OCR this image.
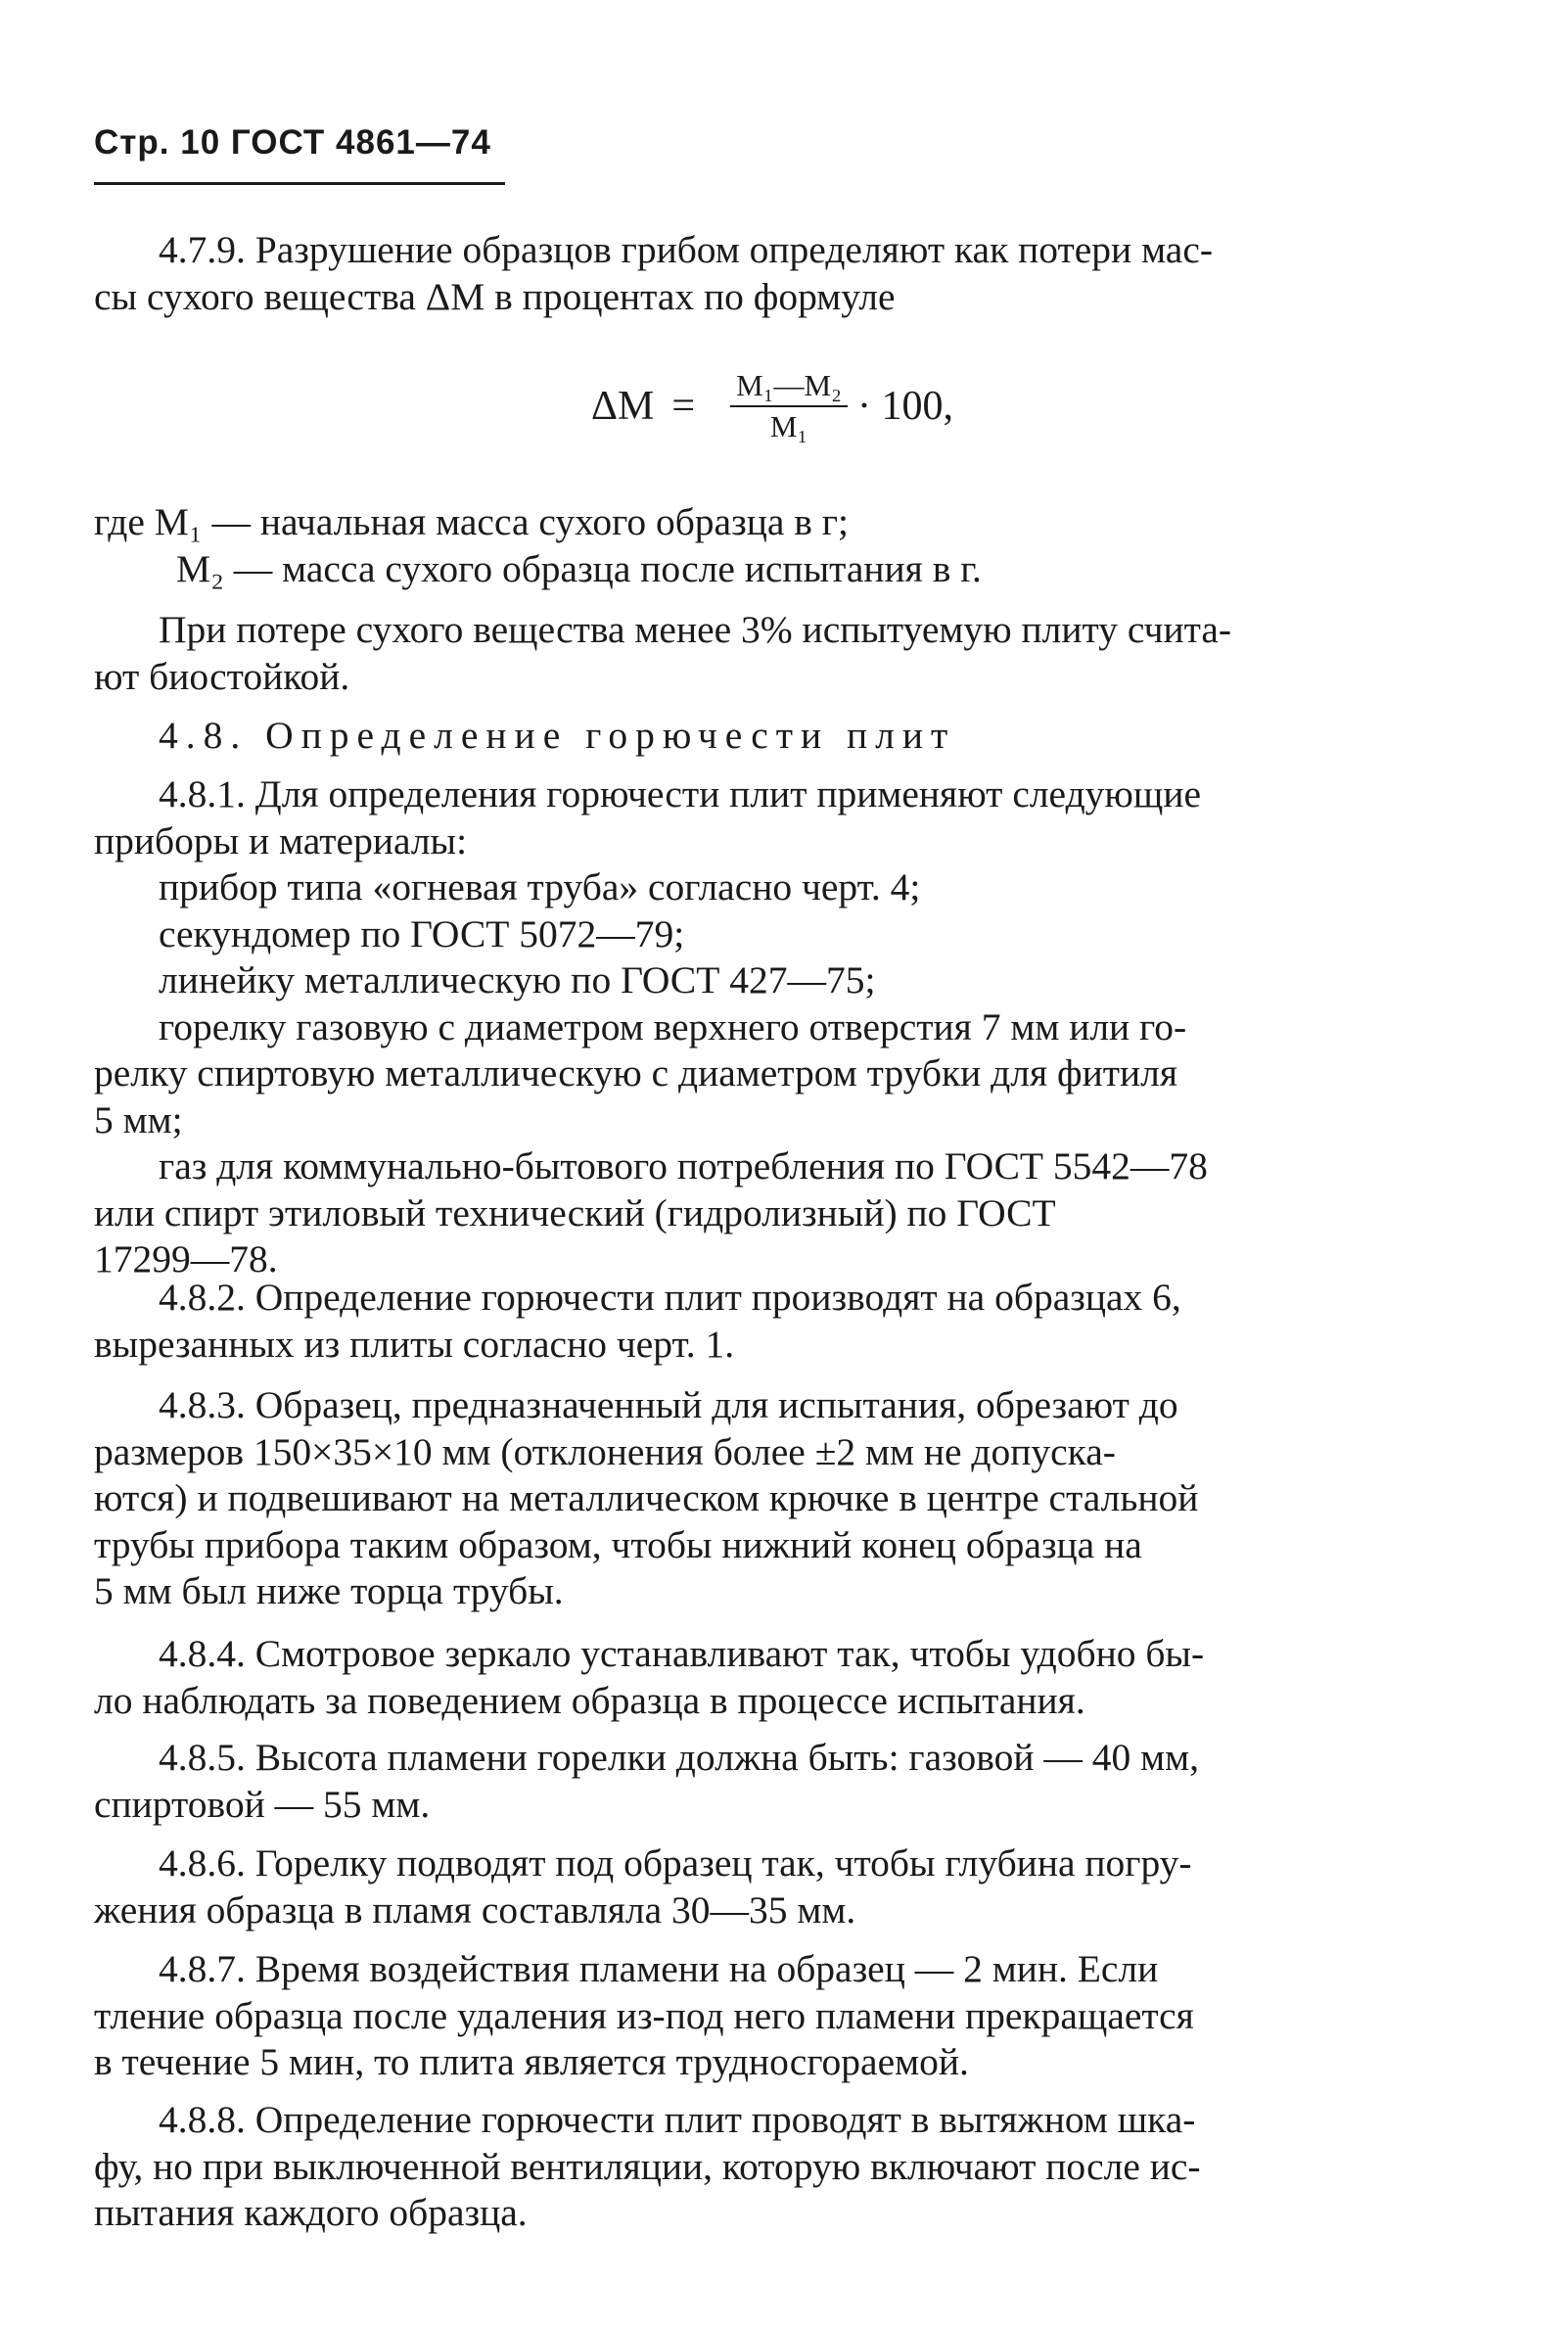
Стр. 10 ГОСТ 4861—74

4.7.9. Разрушение образцов грибом определяют как потери мас-

сы сухого вещества ΔM в процентах по формуле

$\Delta M = \frac{\text{M₁—M₂}}{\text{M₁}} \cdot 100$,

где M₁ — начальная масса сухого образца в г;

M₂ — масса сухого образца после испытания в г.

При потере сухого вещества менее 3% испытуемую плиту счита-

ют биостойкой.

4.8. Определение горючести плит

4.8.1. Для определения горючести плит применяют следующие

приборы и материалы:

прибор типа «огневая труба» согласно черт. 4;

секундомер по ГОСТ 5072—79;

линейку металлическую по ГОСТ 427—75;

горелку газовую с диаметром верхнего отверстия 7 мм или го-

релку спиртовую металлическую с диаметром трубки для фитиля

5 мм;

газ для коммунально-бытового потребления по ГОСТ 5542—78

или спирт этиловый технический (гидролизный) по ГОСТ

17299—78.

4.8.2. Определение горючести плит производят на образцах 6,

вырезанных из плиты согласно черт. 1.

4.8.3. Образец, предназначенный для испытания, обрезают до

размеров 150×35×10 мм (отклонения более ±2 мм не допуска-

ются) и подвешивают на металлическом крючке в центре стальной

трубы прибора таким образом, чтобы нижний конец образца на

5 мм был ниже торца трубы.

4.8.4. Смотровое зеркало устанавливают так, чтобы удобно бы-

ло наблюдать за поведением образца в процессе испытания.

4.8.5. Высота пламени горелки должна быть: газовой — 40 мм,

спиртовой — 55 мм.

4.8.6. Горелку подводят под образец так, чтобы глубина погру-

жения образца в пламя составляла 30—35 мм.

4.8.7. Время воздействия пламени на образец — 2 мин. Если

тление образца после удаления из-под него пламени прекращается

в течение 5 мин, то плита является трудносгораемой.

4.8.8. Определение горючести плит проводят в вытяжном шка-

фу, но при выключенной вентиляции, которую включают после ис-

пытания каждого образца.
